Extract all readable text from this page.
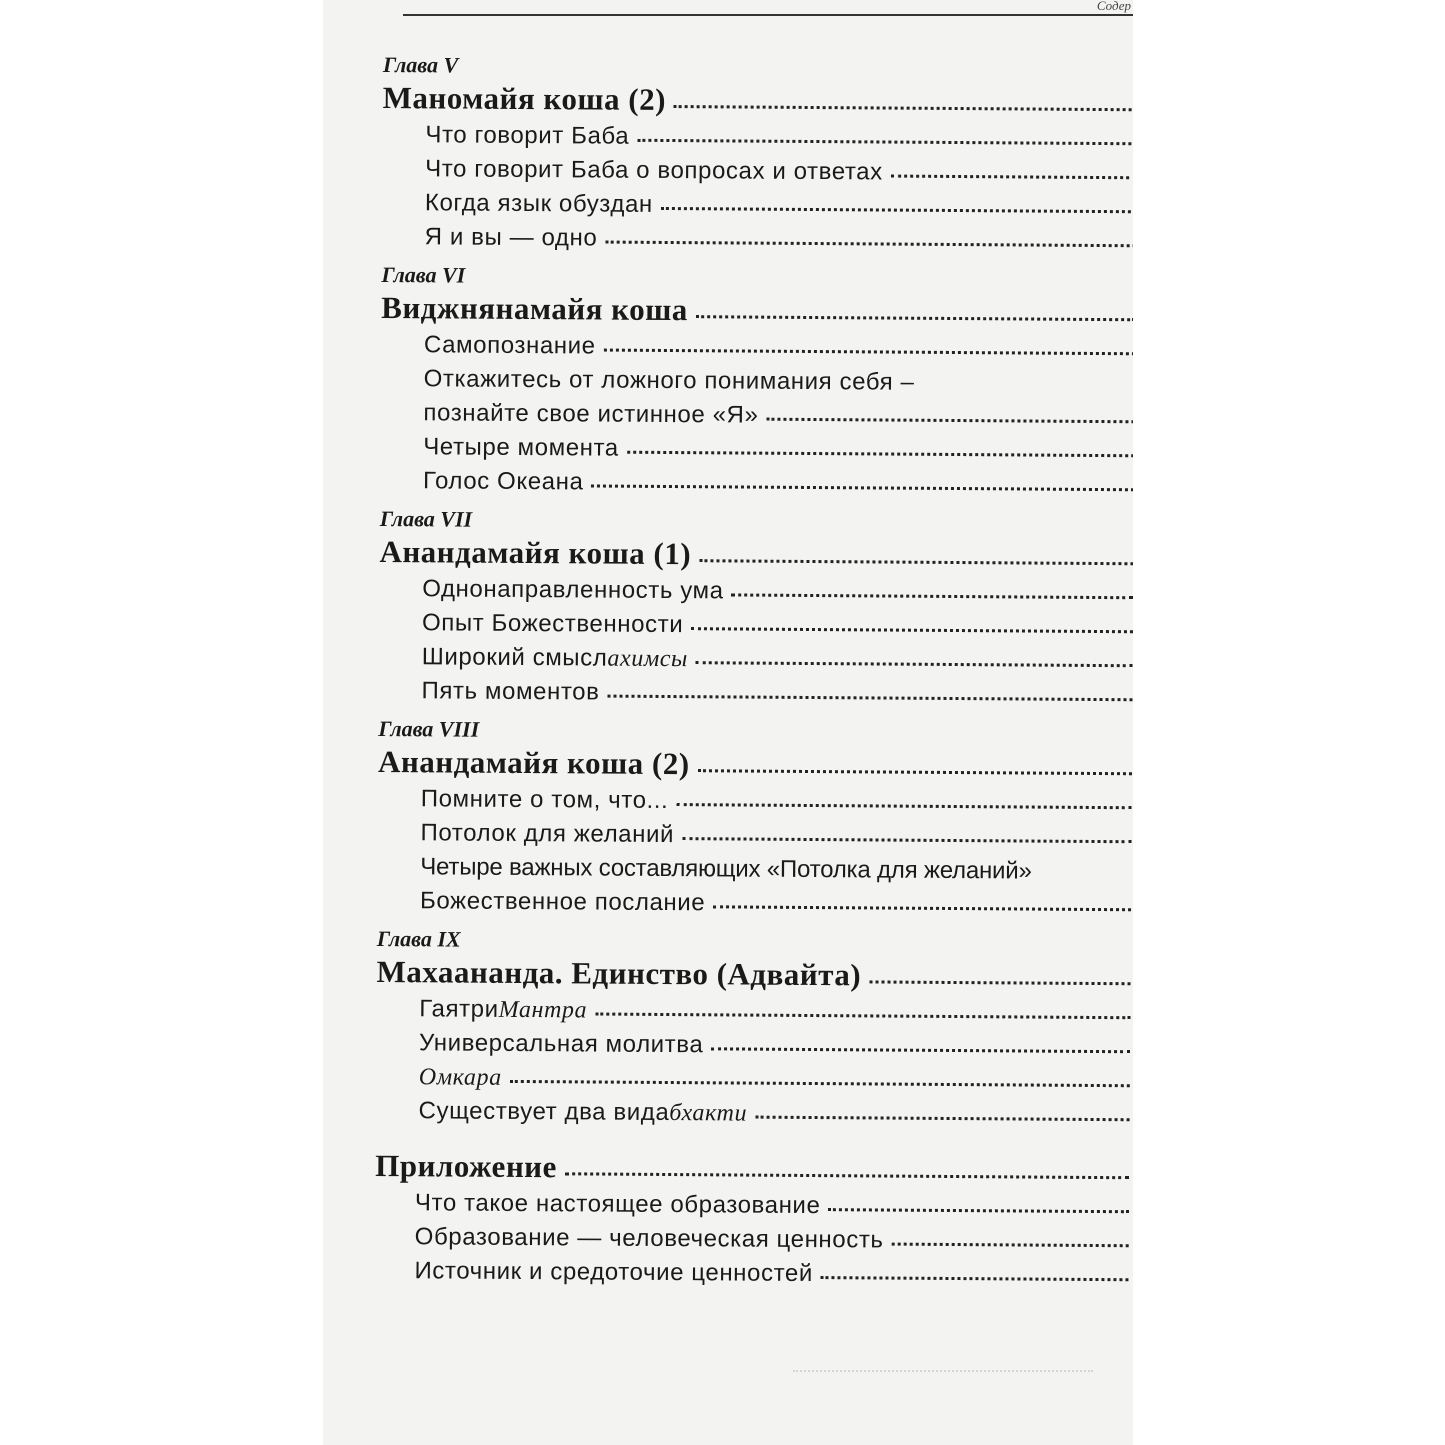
Содер
Глава V
Маномайя коша (2)
Что говорит Баба
Что говорит Баба о вопросах и ответах
Когда язык обуздан
Я и вы — одно
Глава VI
Виджнянамайя коша
Самопознание
Откажитесь от ложного понимания себя –
познайте свое истинное «Я»
Четыре момента
Голос Океана
Глава VII
Анандамайя коша (1)
Однонаправленность ума
Опыт Божественности
Широкий смысл ахимсы
Пять моментов
Глава VIII
Анандамайя коша (2)
Помните о том, что...
Потолок для желаний
Четыре важных составляющих «Потолка для желаний»
Божественное послание
Глава IX
Махаананда. Единство (Адвайта)
Гаятри Мантра
Универсальная молитва
Омкара
Существует два вида бхакти
Приложение
Что такое настоящее образование
Образование — человеческая ценность
Источник и средоточие ценностей
